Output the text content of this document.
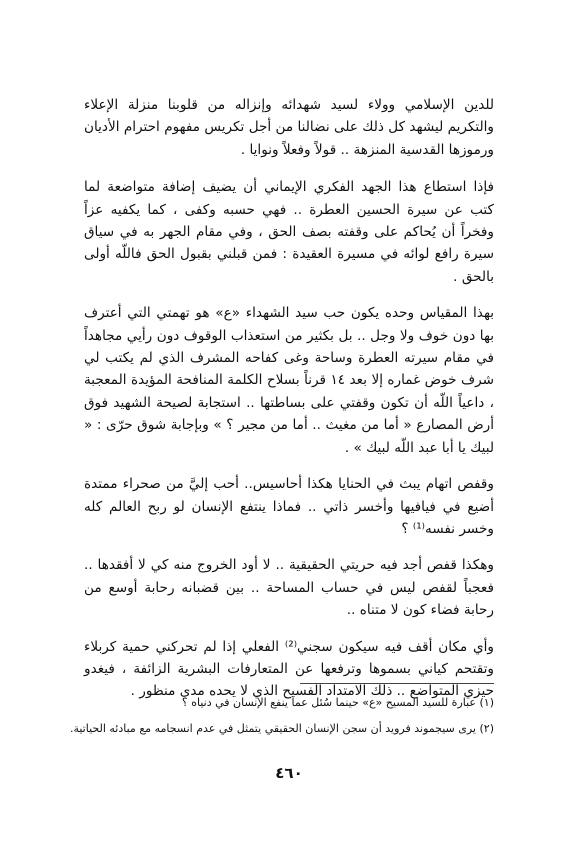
للدين الإسلامي وولاء لسيد شهدائه وإنزاله من قلوبنا منزلة الإعلاء والتكريم ليشهد كل ذلك على نضالنا من أجل تكريس مفهوم احترام الأديان ورموزها القدسية المنزهة .. قولاً وفعلاً ونوايا .

فإذا استطاع هذا الجهد الفكري الإيماني أن يضيف إضافة متواضعة لما كتب عن سيرة الحسين العطرة .. فهي حسبه وكفى ، كما يكفيه عزاً وفخراً أن يُحاكم على وقفته بصف الحق ، وفي مقام الجهر به في سياق سيرة رافع لوائه في مسيرة العقيدة : فمن قبلني بقبول الحق فاللّه أولى بالحق .

بهذا المقياس وحده يكون حب سيد الشهداء «ع» هو تهمتي التي أعترف بها دون خوف ولا وجل .. بل بكثير من استعذاب الوقوف دون رأيي مجاهداً في مقام سيرته العطرة وساحة وغى كفاحه المشرف الذي لم يكتب لي شرف خوض غماره إلا بعد ١٤ قرناً بسلاح الكلمة المنافحة المؤيدة المعجبة ، داعياً اللّه أن تكون وقفتي على بساطتها .. استجابة لصيحة الشهيد فوق أرض المصارع « أما من مغيث .. أما من مجير ؟ » وبإجابة شوق حرّى : « لبيك يا أبا عبد اللّه لبيك » .

وقفص اتهام يبث في الحنايا هكذا أحاسيس.. أحب إليَّ من صحراء ممتدة أضيع في فيافيها وأخسر ذاتي .. فماذا ينتفع الإنسان لو ربح العالم كله وخسر نفسه⁽¹⁾ ؟

وهكذا قفص أجد فيه حريتي الحقيقية .. لا أود الخروج منه كي لا أفقدها .. فعجباً لقفص ليس في حساب المساحة .. بين قضبانه رحابة أوسع من رحابة فضاء كون لا متناه ..

وأي مكان أقف فيه سيكون سجني⁽²⁾ الفعلي إذا لم تحركني حمية كربلاء وتقتحم كياني بسموها وترفعها عن المتعارفات البشرية الزائفة ، فيغدو حيزي المتواضع .. ذلك الامتداد الفسيح الذي لا يحده مدى منظور .

(١) عبارة للسيد المسيح «ع» حينما سُئل عما ينفع الإنسان في دنياه ؟

(٢) يرى سيجموند فرويد أن سجن الإنسان الحقيقي يتمثل في عدم انسجامه مع مبادئه الحياتية.

٤٦٠
